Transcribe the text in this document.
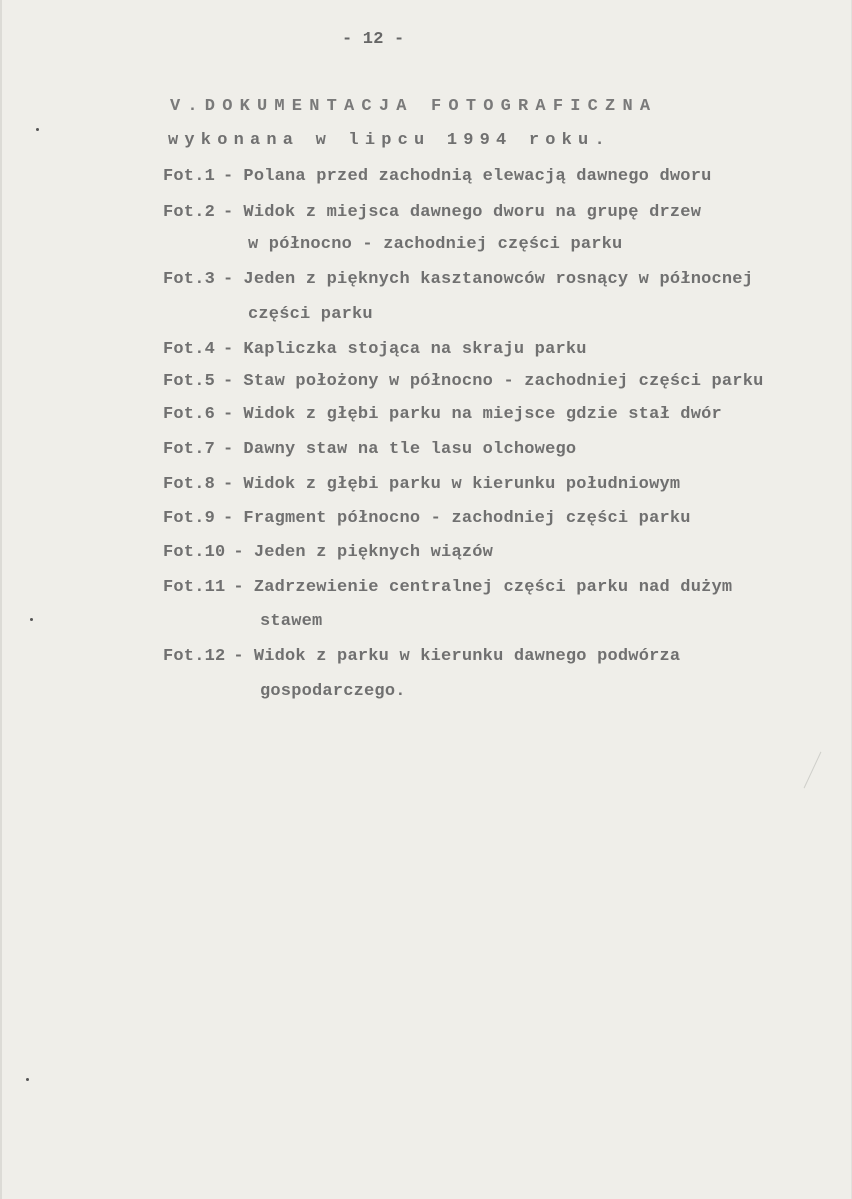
- 12 -
V.DOKUMENTACJA FOTOGRAFICZNA
wykonana w lipcu 1994 roku.
Fot.1 - Polana przed zachodnią elewacją dawnego dworu
Fot.2 - Widok z miejsca dawnego dworu na grupę drzew
w północno - zachodniej części parku
Fot.3 - Jeden z pięknych kasztanowców rosnący w północnej
części parku
Fot.4 - Kapliczka stojąca na skraju parku
Fot.5 - Staw położony w północno - zachodniej części parku
Fot.6 - Widok z głębi parku na miejsce gdzie stał dwór
Fot.7 - Dawny staw na tle lasu olchowego
Fot.8 - Widok z głębi parku w kierunku południowym
Fot.9 - Fragment północno - zachodniej części parku
Fot.10 - Jeden z pięknych wiązów
Fot.11 - Zadrzewienie centralnej części parku nad dużym
stawem
Fot.12 - Widok z parku w kierunku dawnego podwórza
gospodarczego.
